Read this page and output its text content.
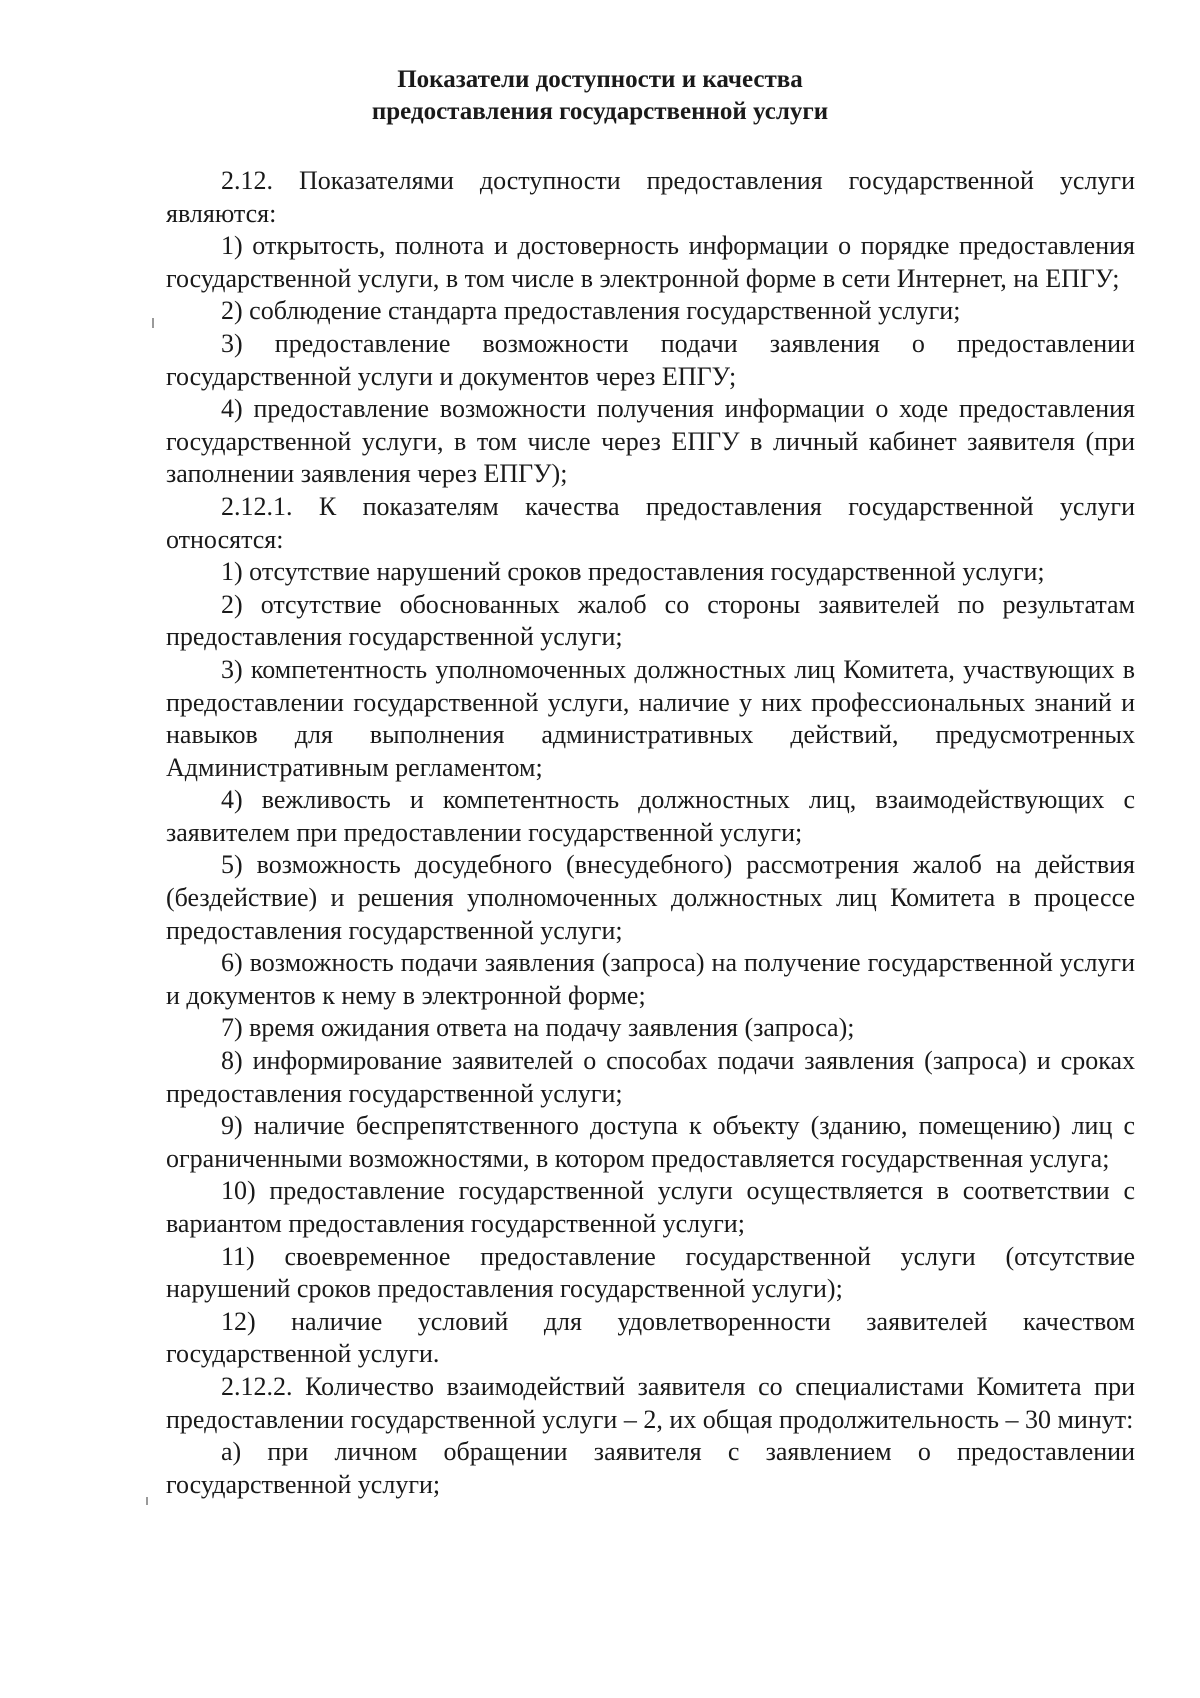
Показатели доступности и качества
предоставления государственной услуги

2.12. Показателями доступности предоставления государственной услуги являются:

1) открытость, полнота и достоверность информации о порядке предоставления государственной услуги, в том числе в электронной форме в сети Интернет, на ЕПГУ;

2) соблюдение стандарта предоставления государственной услуги;

3) предоставление возможности подачи заявления о предоставлении государственной услуги и документов через ЕПГУ;

4) предоставление возможности получения информации о ходе предоставления государственной услуги, в том числе через ЕПГУ в личный кабинет заявителя (при заполнении заявления через ЕПГУ);

2.12.1. К показателям качества предоставления государственной услуги относятся:

1) отсутствие нарушений сроков предоставления государственной услуги;

2) отсутствие обоснованных жалоб со стороны заявителей по результатам предоставления государственной услуги;

3) компетентность уполномоченных должностных лиц Комитета, участвующих в предоставлении государственной услуги, наличие у них профессиональных знаний и навыков для выполнения административных действий, предусмотренных Административным регламентом;

4) вежливость и компетентность должностных лиц, взаимодействующих с заявителем при предоставлении государственной услуги;

5) возможность досудебного (внесудебного) рассмотрения жалоб на действия (бездействие) и решения уполномоченных должностных лиц Комитета в процессе предоставления государственной услуги;

6) возможность подачи заявления (запроса) на получение государственной услуги и документов к нему в электронной форме;

7) время ожидания ответа на подачу заявления (запроса);

8) информирование заявителей о способах подачи заявления (запроса) и сроках предоставления государственной услуги;

9) наличие беспрепятственного доступа к объекту (зданию, помещению) лиц с ограниченными возможностями, в котором предоставляется государственная услуга;

10) предоставление государственной услуги осуществляется в соответствии с вариантом предоставления государственной услуги;

11) своевременное предоставление государственной услуги (отсутствие нарушений сроков предоставления государственной услуги);

12) наличие условий для удовлетворенности заявителей качеством государственной услуги.

2.12.2. Количество взаимодействий заявителя со специалистами Комитета при предоставлении государственной услуги – 2, их общая продолжительность – 30 минут:

а) при личном обращении заявителя с заявлением о предоставлении государственной услуги;
